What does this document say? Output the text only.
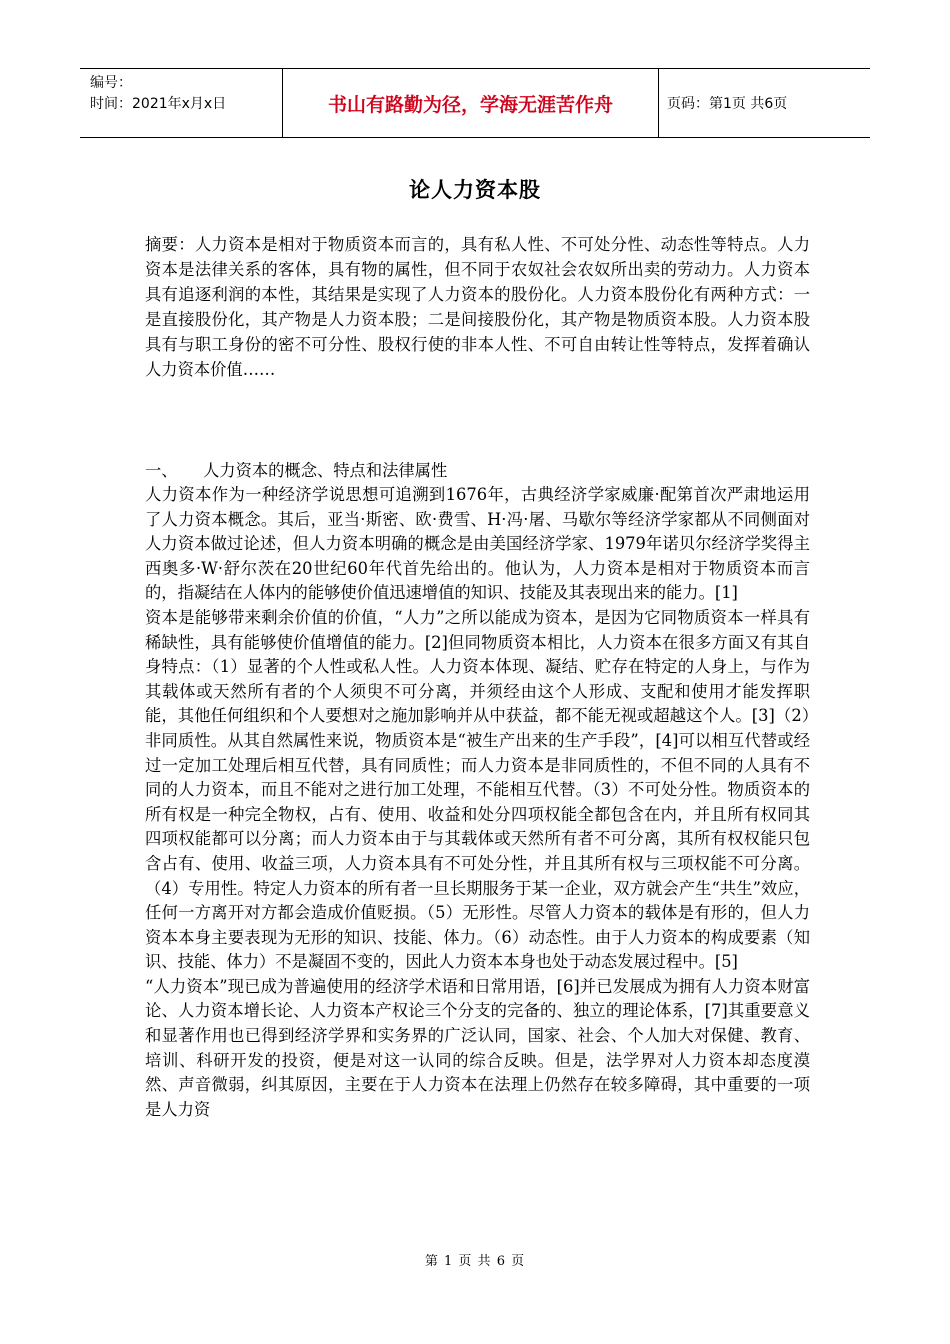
编号：
时间：2021年x月x日	书山有路勤为径，学海无涯苦作舟	页码：第1页 共6页
论人力资本股
摘要：人力资本是相对于物质资本而言的，具有私人性、不可处分性、动态性等特点。人力资本是法律关系的客体，具有物的属性，但不同于农奴社会农奴所出卖的劳动力。人力资本具有追逐利润的本性，其结果是实现了人力资本的股份化。人力资本股份化有两种方式：一是直接股份化，其产物是人力资本股；二是间接股份化，其产物是物质资本股。人力资本股具有与职工身份的密不可分性、股权行使的非本人性、不可自由转让性等特点，发挥着确认人力资本价值……
一、 人力资本的概念、特点和法律属性

人力资本作为一种经济学说思想可追溯到1676年，古典经济学家威廉·配第首次严肃地运用了人力资本概念。其后，亚当·斯密、欧·费雪、H·冯·屠、马歇尔等经济学家都从不同侧面对人力资本做过论述，但人力资本明确的概念是由美国经济学家、1979年诺贝尔经济学奖得主西奥多·W·舒尔茨在20世纪60年代首先给出的。他认为，人力资本是相对于物质资本而言的，指凝结在人体内的能够使价值迅速增值的知识、技能及其表现出来的能力。[1]

资本是能够带来剩余价值的价值，“人力”之所以能成为资本，是因为它同物质资本一样具有稀缺性，具有能够使价值增值的能力。[2]但同物质资本相比，人力资本在很多方面又有其自身特点：（1）显著的个人性或私人性。人力资本体现、凝结、贮存在特定的人身上，与作为其载体或天然所有者的个人须臾不可分离，并须经由这个人形成、支配和使用才能发挥职能，其他任何组织和个人要想对之施加影响并从中获益，都不能无视或超越这个人。[3]（2）非同质性。从其自然属性来说，物质资本是“被生产出来的生产手段”，[4]可以相互代替或经过一定加工处理后相互代替，具有同质性；而人力资本是非同质性的，不但不同的人具有不同的人力资本，而且不能对之进行加工处理，不能相互代替。（3）不可处分性。物质资本的所有权是一种完全物权，占有、使用、收益和处分四项权能全都包含在内，并且所有权同其四项权能都可以分离；而人力资本由于与其载体或天然所有者不可分离，其所有权权能只包含占有、使用、收益三项，人力资本具有不可处分性，并且其所有权与三项权能不可分离。（4）专用性。特定人力资本的所有者一旦长期服务于某一企业，双方就会产生“共生”效应，任何一方离开对方都会造成价值贬损。（5）无形性。尽管人力资本的载体是有形的，但人力资本本身主要表现为无形的知识、技能、体力。（6）动态性。由于人力资本的构成要素（知识、技能、体力）不是凝固不变的，因此人力资本本身也处于动态发展过程中。[5]

“人力资本”现已成为普遍使用的经济学术语和日常用语，[6]并已发展成为拥有人力资本财富论、人力资本增长论、人力资本产权论三个分支的完备的、独立的理论体系，[7]其重要意义和显著作用也已得到经济学界和实务界的广泛认同，国家、社会、个人加大对保健、教育、培训、科研开发的投资，便是对这一认同的综合反映。但是，法学界对人力资本却态度漠然、声音微弱，纠其原因，主要在于人力资本在法理上仍然存在较多障碍，其中重要的一项是人力资

第 1 页 共 6 页
